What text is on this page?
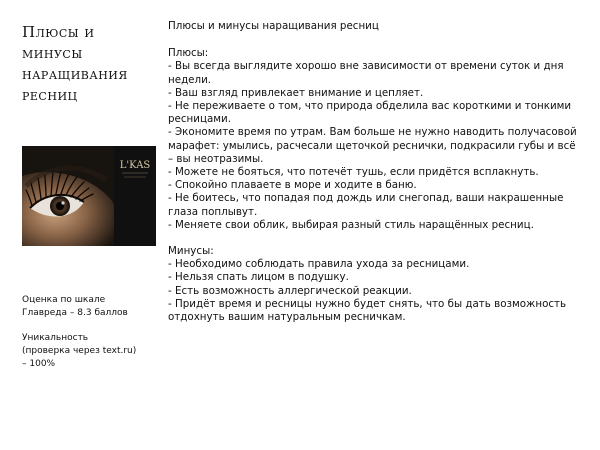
Плюсы и
минусы
наращивания
ресниц
L'KAS

Оценка по шкале

Главреда – 8.3 баллов

Уникальность

(проверка через text.ru)

– 100%

Плюсы и минусы наращивания ресниц

Плюсы:

- Вы всегда выглядите хорошо вне зависимости от времени суток и дня недели.
- Ваш взгляд привлекает внимание и цепляет.
- Не переживаете о том, что природа обделила вас короткими и тонкими ресницами.
- Экономите время по утрам. Вам больше не нужно наводить получасовой марафет: умылись, расчесали щеточкой реснички, подкрасили губы и всё – вы неотразимы.
- Можете не бояться, что потечёт тушь, если придётся всплакнуть.
- Спокойно плаваете в море и ходите в баню.
- Не боитесь, что попадая под дождь или снегопад, ваши накрашенные глаза поплывут.
- Меняете свои облик, выбирая разный стиль наращённых ресниц.

Минусы:

- Необходимо соблюдать правила ухода за ресницами.
- Нельзя спать лицом в подушку.
- Есть возможность аллергической реакции.
- Придёт время и ресницы нужно будет снять, что бы дать возможность отдохнуть вашим натуральным ресничкам.
